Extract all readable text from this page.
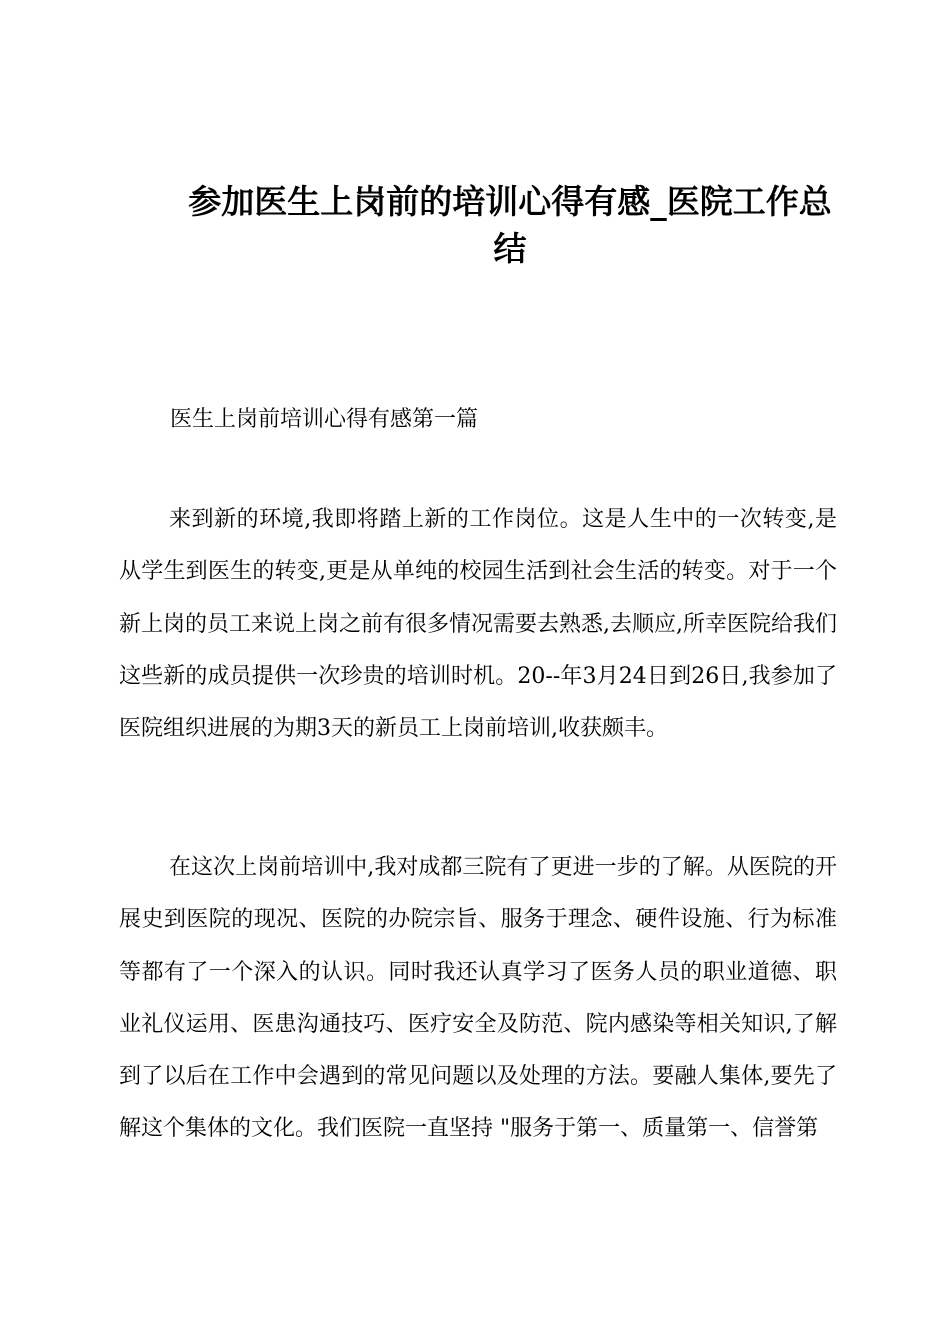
参加医生上岗前的培训心得有感_医院工作总结

医生上岗前培训心得有感第一篇

来到新的环境,我即将踏上新的工作岗位。这是人生中的一次转变,是从学生到医生的转变,更是从单纯的校园生活到社会生活的转变。对于一个新上岗的员工来说上岗之前有很多情况需要去熟悉,去顺应,所幸医院给我们这些新的成员提供一次珍贵的培训时机。20--年3月24日到26日,我参加了医院组织进展的为期3天的新员工上岗前培训,收获颇丰。

在这次上岗前培训中,我对成都三院有了更进一步的了解。从医院的开展史到医院的现况、医院的办院宗旨、服务于理念、硬件设施、行为标准等都有了一个深入的认识。同时我还认真学习了医务人员的职业道德、职业礼仪运用、医患沟通技巧、医疗安全及防范、院内感染等相关知识,了解到了以后在工作中会遇到的常见问题以及处理的方法。要融人集体,要先了解这个集体的文化。我们医院一直坚持 "服务于第一、质量第一、信誉第
